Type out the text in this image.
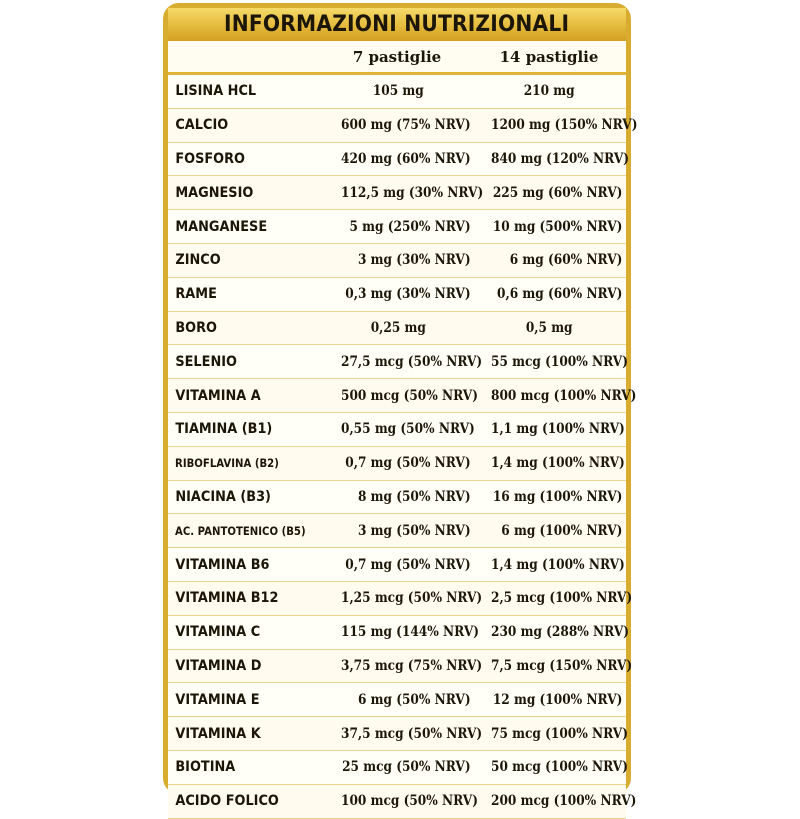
INFORMAZIONI NUTRIZIONALI
7 pastiglie	14 pastiglie
LISINA HCL	105 mg	210 mg
CALCIO	600 mg (75% NRV)	1200 mg (150% NRV)
FOSFORO	420 mg (60% NRV)	840 mg (120% NRV)
MAGNESIO	112,5 mg (30% NRV) 225 mg (60% NRV)
MANGANESE	5 mg (250% NRV)	10 mg (500% NRV)
ZINCO	3 mg (30% NRV)	6 mg (60% NRV)
RAME	0,3 mg (30% NRV)	0,6 mg (60% NRV)
BORO	0,25 mg	0,5 mg
SELENIO	27,5 mcg (50% NRV) 55 mcg (100% NRV)
VITAMINA A	500 mcg (50% NRV) 800 mcg (100% NRV)
TIAMINA (B1)	0,55 mg (50% NRV) 1,1 mg (100% NRV)
RIBOFLAVINA (B2)	0,7 mg (50% NRV)	1,4 mg (100% NRV)
NIACINA (B3)	8 mg (50% NRV)	16 mg (100% NRV)
AC. PANTOTENICO (B5)	3 mg (50% NRV)	6 mg (100% NRV)
VITAMINA B6	0,7 mg (50% NRV)	1,4 mg (100% NRV)
VITAMINA B12	1,25 mcg (50% NRV) 2,5 mcg (100% NRV)
VITAMINA C	115 mg (144% NRV) 230 mg (288% NRV)
VITAMINA D	3,75 mcg (75% NRV) 7,5 mcg (150% NRV)
VITAMINA E	6 mg (50% NRV)	12 mg (100% NRV)
VITAMINA K	37,5 mcg (50% NRV) 75 mcg (100% NRV)
BIOTINA	25 mcg (50% NRV)	50 mcg (100% NRV)
ACIDO FOLICO	100 mcg (50% NRV) 200 mcg (100% NRV)
